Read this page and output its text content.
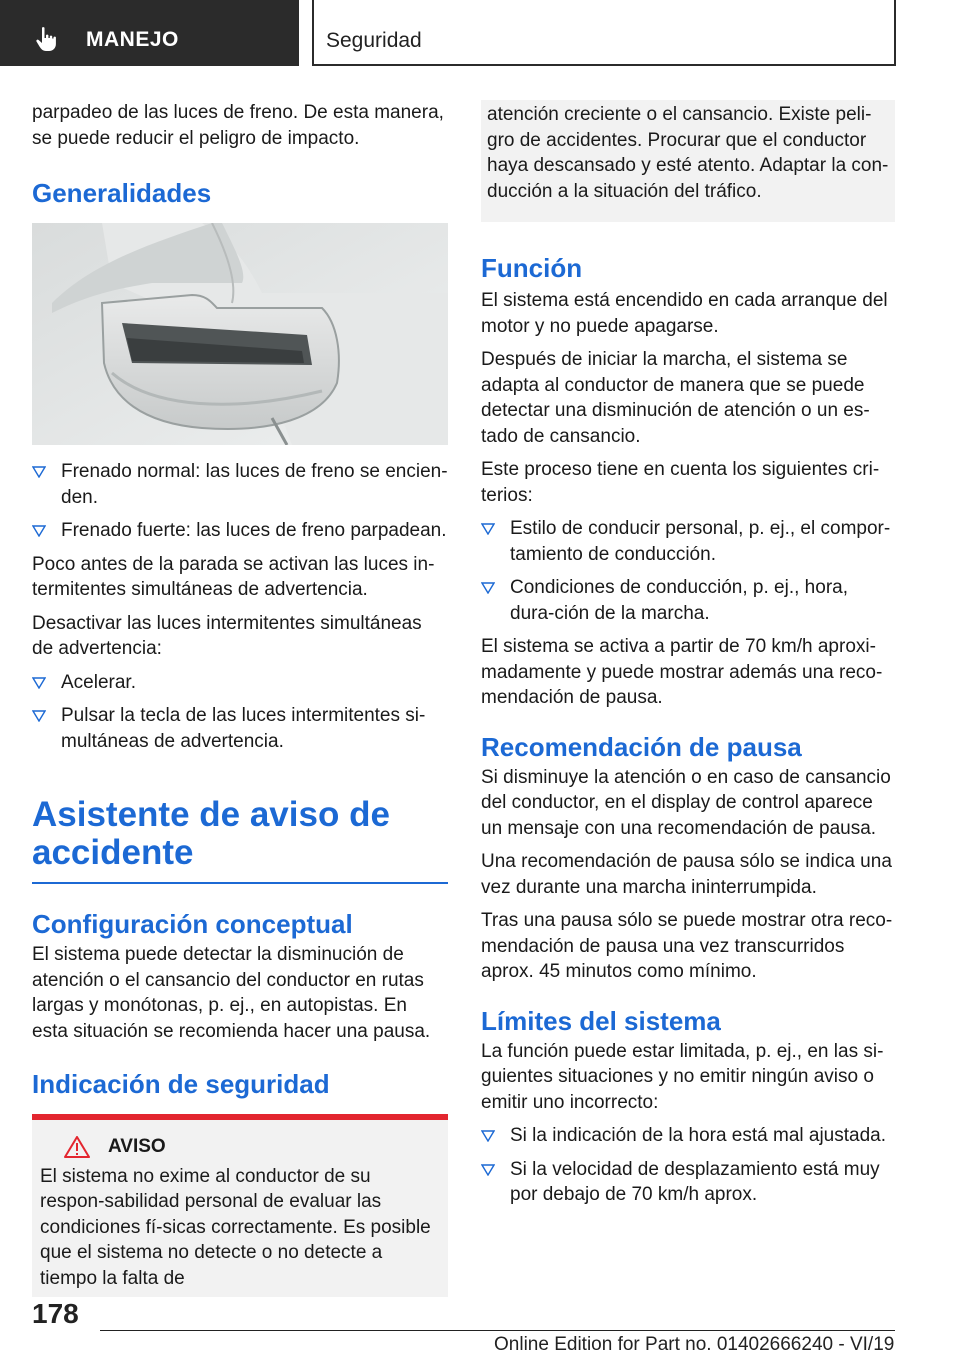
MANEJO	Seguridad

parpadeo de las luces de freno. De esta manera, se puede reducir el peligro de impacto.

Generalidades
Frenado normal: las luces de freno se encien-den.
Frenado fuerte: las luces de freno parpadean.

Poco antes de la parada se activan las luces in-termitentes simultáneas de advertencia.

Desactivar las luces intermitentes simultáneas de advertencia:

Acelerar.
Pulsar la tecla de las luces intermitentes si-multáneas de advertencia.
Asistente de aviso de accidente
Configuración conceptual

El sistema puede detectar la disminución de atención o el cansancio del conductor en rutas largas y monótonas, p. ej., en autopistas. En esta situación se recomienda hacer una pausa.

Indicación de seguridad
AVISO

El sistema no exime al conductor de su respon-sabilidad personal de evaluar las condiciones fí-sicas correctamente. Es posible que el sistema no detecte o no detecte a tiempo la falta de

atención creciente o el cansancio. Existe peli-gro de accidentes. Procurar que el conductor haya descansado y esté atento. Adaptar la con-ducción a la situación del tráfico.

Función

El sistema está encendido en cada arranque del motor y no puede apagarse.

Después de iniciar la marcha, el sistema se adapta al conductor de manera que se puede detectar una disminución de atención o un es-tado de cansancio.

Este proceso tiene en cuenta los siguientes cri-terios:

Estilo de conducir personal, p. ej., el compor-tamiento de conducción.
Condiciones de conducción, p. ej., hora, dura-ción de la marcha.

El sistema se activa a partir de 70 km/h aproxi-madamente y puede mostrar además una reco-mendación de pausa.

Recomendación de pausa

Si disminuye la atención o en caso de cansancio del conductor, en el display de control aparece un mensaje con una recomendación de pausa.

Una recomendación de pausa sólo se indica una vez durante una marcha ininterrumpida.

Tras una pausa sólo se puede mostrar otra reco-mendación de pausa una vez transcurridos aprox. 45 minutos como mínimo.

Límites del sistema

La función puede estar limitada, p. ej., en las si-guientes situaciones y no emitir ningún aviso o emitir uno incorrecto:

Si la indicación de la hora está mal ajustada.
Si la velocidad de desplazamiento está muy por debajo de 70 km/h aprox.
178
Online Edition for Part no. 01402666240 - VI/19
